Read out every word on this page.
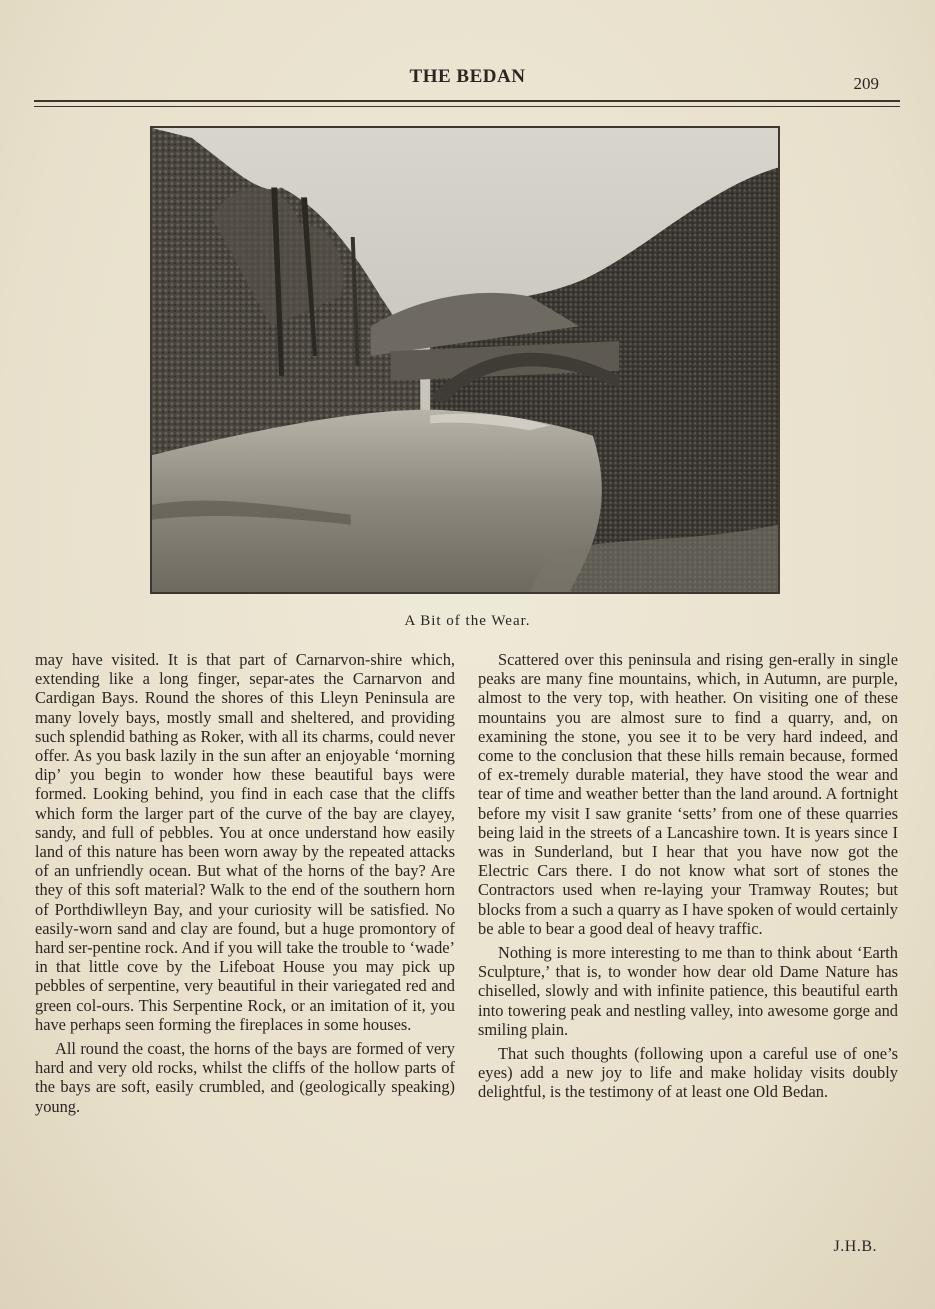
THE BEDAN	209
A Bit of the Wear.

may have visited. It is that part of Carnarvon-shire which, extending like a long finger, separ-ates the Carnarvon and Cardigan Bays. Round the shores of this Lleyn Peninsula are many lovely bays, mostly small and sheltered, and providing such splendid bathing as Roker, with all its charms, could never offer. As you bask lazily in the sun after an enjoyable ‘morning dip’ you begin to wonder how these beautiful bays were formed. Looking behind, you find in each case that the cliffs which form the larger part of the curve of the bay are clayey, sandy, and full of pebbles. You at once understand how easily land of this nature has been worn away by the repeated attacks of an unfriendly ocean. But what of the horns of the bay? Are they of this soft material? Walk to the end of the southern horn of Porthdiwlleyn Bay, and your curiosity will be satisfied. No easily-worn sand and clay are found, but a huge promontory of hard ser-pentine rock. And if you will take the trouble to ‘wade’ in that little cove by the Lifeboat House you may pick up pebbles of serpentine, very beautiful in their variegated red and green col-ours. This Serpentine Rock, or an imitation of it, you have perhaps seen forming the fireplaces in some houses.

All round the coast, the horns of the bays are formed of very hard and very old rocks, whilst the cliffs of the hollow parts of the bays are soft, easily crumbled, and (geologically speaking) young.

Scattered over this peninsula and rising gen-erally in single peaks are many fine mountains, which, in Autumn, are purple, almost to the very top, with heather. On visiting one of these mountains you are almost sure to find a quarry, and, on examining the stone, you see it to be very hard indeed, and come to the conclusion that these hills remain because, formed of ex-tremely durable material, they have stood the wear and tear of time and weather better than the land around. A fortnight before my visit I saw granite ‘setts’ from one of these quarries being laid in the streets of a Lancashire town. It is years since I was in Sunderland, but I hear that you have now got the Electric Cars there. I do not know what sort of stones the Contractors used when re-laying your Tramway Routes; but blocks from a such a quarry as I have spoken of would certainly be able to bear a good deal of heavy traffic.

Nothing is more interesting to me than to think about ‘Earth Sculpture,’ that is, to wonder how dear old Dame Nature has chiselled, slowly and with infinite patience, this beautiful earth into towering peak and nestling valley, into awesome gorge and smiling plain.

That such thoughts (following upon a careful use of one’s eyes) add a new joy to life and make holiday visits doubly delightful, is the testimony of at least one Old Bedan.

J.H.B.
